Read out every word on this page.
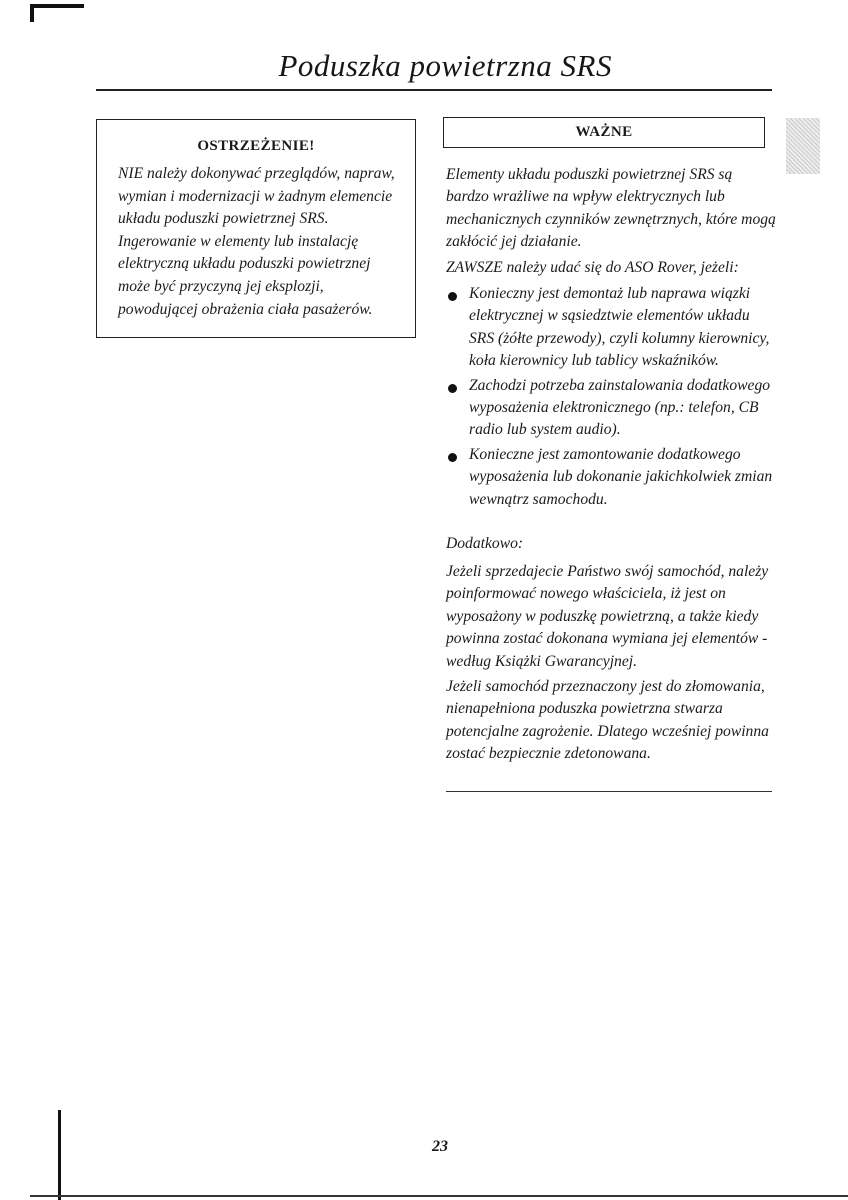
Poduszka powietrzna SRS
OSTRZEŻENIE!
NIE należy dokonywać przeglądów, napraw, wymian i modernizacji w żadnym elemencie układu poduszki powietrznej SRS. Ingerowanie w elementy lub instalację elektryczną układu poduszki powietrznej może być przyczyną jej eksplozji, powodującej obrażenia ciała pasażerów.
WAŻNE
Elementy układu poduszki powietrznej SRS są bardzo wrażliwe na wpływ elektrycznych lub mechanicznych czynników zewnętrznych, które mogą zakłócić jej działanie.
ZAWSZE należy udać się do ASO Rover, jeżeli:
Konieczny jest demontaż lub naprawa wiązki elektrycznej w sąsiedztwie elementów układu SRS (żółte przewody), czyli kolumny kierownicy, koła kierownicy lub tablicy wskaźników.
Zachodzi potrzeba zainstalowania dodatkowego wyposażenia elektronicznego (np.: telefon, CB radio lub system audio).
Konieczne jest zamontowanie dodatkowego wyposażenia lub dokonanie jakichkolwiek zmian wewnątrz samochodu.
Dodatkowo:
Jeżeli sprzedajecie Państwo swój samochód, należy poinformować nowego właściciela, iż jest on wyposażony w poduszkę powietrzną, a także kiedy powinna zostać dokonana wymiana jej elementów - według Książki Gwarancyjnej.
Jeżeli samochód przeznaczony jest do złomowania, nienapełniona poduszka powietrzna stwarza potencjalne zagrożenie. Dlatego wcześniej powinna zostać bezpiecznie zdetonowana.
23
